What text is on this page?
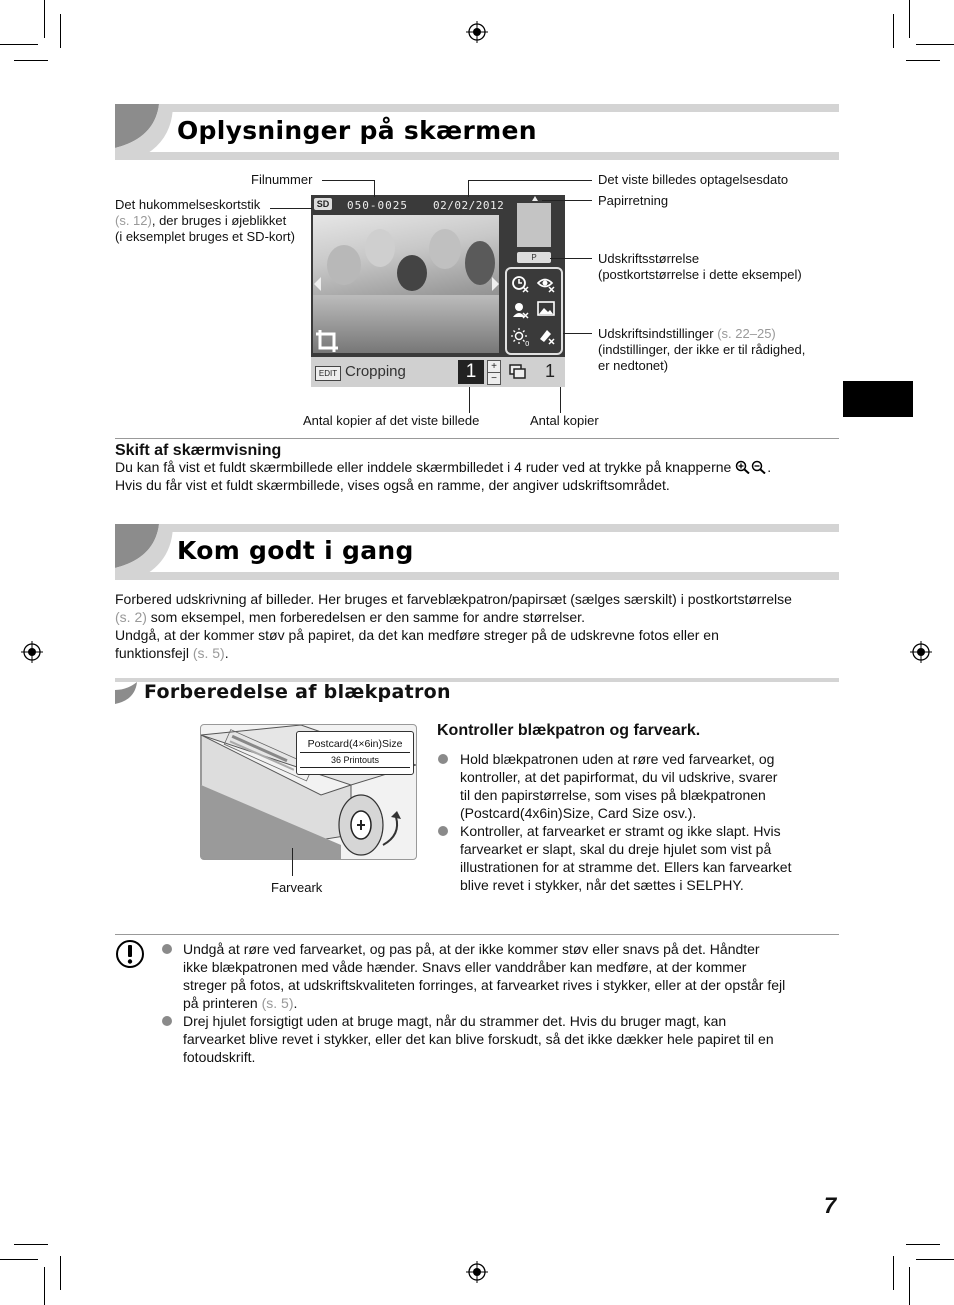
Oplysninger på skærmen
SD 050-0025 02/02/2012
P
0
EDIT Cropping	1	+
−	1
Filnummer
Det hukommelseskortstik
(s. 12), der bruges i øjeblikket
(i eksemplet bruges et SD-kort)
Det viste billedes optagelsesdato
Papirretning
Udskriftsstørrelse
(postkortstørrelse i dette eksempel)
Udskriftsindstillinger (s. 22–25)
(indstillinger, der ikke er til rådighed,
er nedtonet)
Antal kopier af det viste billede	Antal kopier
Skift af skærmvisning
Du kan få vist et fuldt skærmbillede eller inddele skærmbilledet i 4 ruder ved at trykke på knapperne	.
Hvis du får vist et fuldt skærmbillede, vises også en ramme, der angiver udskriftsområdet.
Kom godt i gang
Forbered udskrivning af billeder. Her bruges et farveblækpatron/papirsæt (sælges særskilt) i postkortstørrelse
(s. 2) som eksempel, men forberedelsen er den samme for andre størrelser.
Undgå, at der kommer støv på papiret, da det kan medføre streger på de udskrevne fotos eller en
funktionsfejl (s. 5).
Forberedelse af blækpatron
Postcard(4×6in)Size
36 Printouts
Farveark
Kontroller blækpatron og farveark.
Hold blækpatronen uden at røre ved farvearket, og
kontroller, at det papirformat, du vil udskrive, svarer
til den papirstørrelse, som vises på blækpatronen
(Postcard(4x6in)Size, Card Size osv.).
Kontroller, at farvearket er stramt og ikke slapt. Hvis
farvearket er slapt, skal du dreje hjulet som vist på
illustrationen for at stramme det. Ellers kan farvearket
blive revet i stykker, når det sættes i SELPHY.
Undgå at røre ved farvearket, og pas på, at der ikke kommer støv eller snavs på det. Håndter
ikke blækpatronen med våde hænder. Snavs eller vanddråber kan medføre, at der kommer
streger på fotos, at udskriftskvaliteten forringes, at farvearket rives i stykker, eller at der opstår fejl
på printeren (s. 5).
Drej hjulet forsigtigt uden at bruge magt, når du strammer det. Hvis du bruger magt, kan
farvearket blive revet i stykker, eller det kan blive forskudt, så det ikke dækker hele papiret til en
fotoudskrift.
7
